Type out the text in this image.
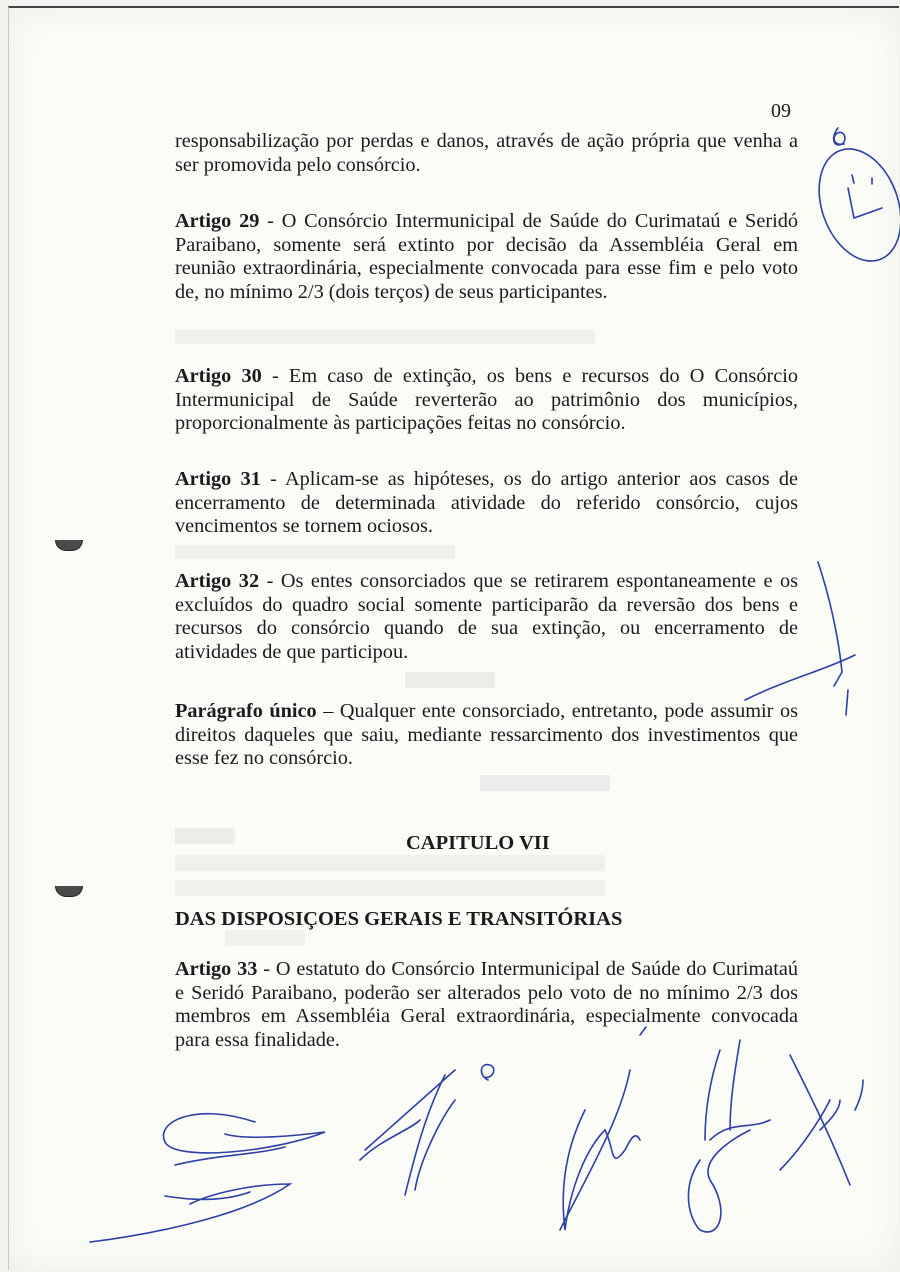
09
responsabilização por perdas e danos, através de ação própria que venha a ser promovida pelo consórcio.
Artigo 29 - O Consórcio Intermunicipal de Saúde do Curimataú e Seridó Paraibano, somente será extinto por decisão da Assembléia Geral em reunião extraordinária, especialmente convocada para esse fim e pelo voto de, no mínimo 2/3 (dois terços) de seus participantes.
Artigo 30 - Em caso de extinção, os bens e recursos do O Consórcio Intermunicipal de Saúde reverterão ao patrimônio dos municípios, proporcionalmente às participações feitas no consórcio.
Artigo 31 - Aplicam-se as hipóteses, os do artigo anterior aos casos de encerramento de determinada atividade do referido consórcio, cujos vencimentos se tornem ociosos.
Artigo 32 - Os entes consorciados que se retirarem espontaneamente e os excluídos do quadro social somente participarão da reversão dos bens e recursos do consórcio quando de sua extinção, ou encerramento de atividades de que participou.
Parágrafo único – Qualquer ente consorciado, entretanto, pode assumir os direitos daqueles que saiu, mediante ressarcimento dos investimentos que esse fez no consórcio.
CAPITULO VII
DAS DISPOSIÇOES GERAIS E TRANSITÓRIAS
Artigo 33 - O estatuto do Consórcio Intermunicipal de Saúde do Curimataú e Seridó Paraibano, poderão ser alterados pelo voto de no mínimo 2/3 dos membros em Assembléia Geral extraordinária, especialmente convocada para essa finalidade.
